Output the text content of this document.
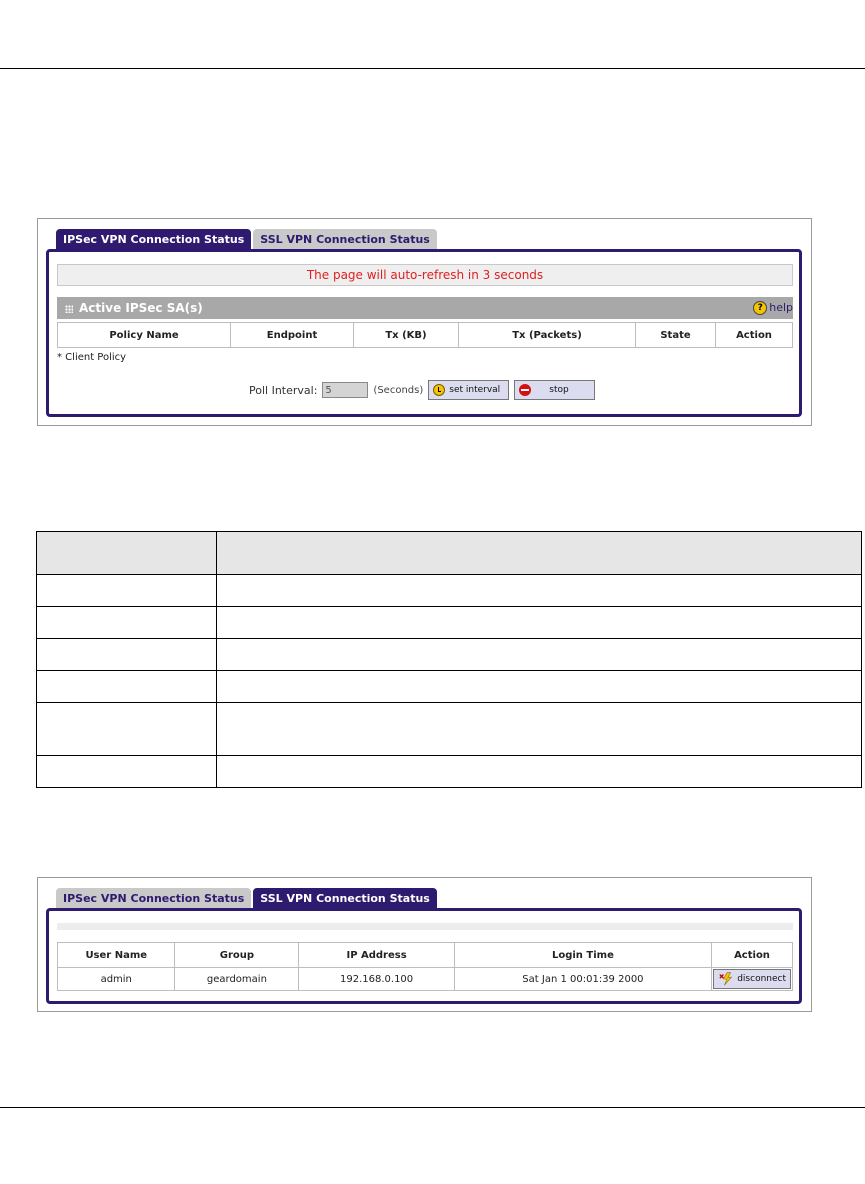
IPSec VPN Connection Status	SSL VPN Connection Status
The page will auto-refresh in 3 seconds
Active IPSec SA(s)	? help
Policy Name	Endpoint	Tx (KB)	Tx (Packets)	State	Action
* Client Policy
Poll Interval:
5	(Seconds)	set interval	stop

IPSec VPN Connection Status	SSL VPN Connection Status
User Name	Group	IP Address	Login Time	Action
admin	geardomain	192.168.0.100	Sat Jan 1 00:01:39 2000	disconnect
